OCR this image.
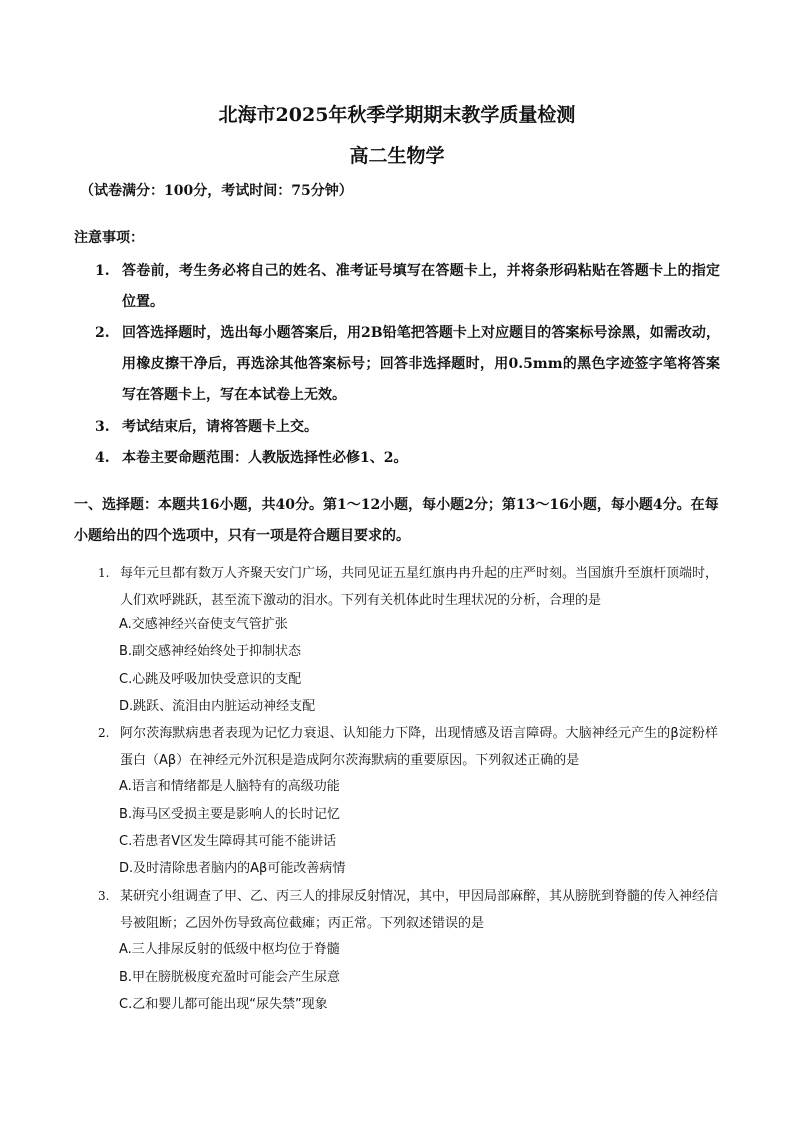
北海市2025年秋季学期期末教学质量检测
高二生物学
（试卷满分：100分，考试时间：75分钟）
注意事项：
1. 答卷前，考生务必将自己的姓名、准考证号填写在答题卡上，并将条形码粘贴在答题卡上的指定位置。
2. 回答选择题时，选出每小题答案后，用2B铅笔把答题卡上对应题目的答案标号涂黑，如需改动，用橡皮擦干净后，再选涂其他答案标号；回答非选择题时，用0.5mm的黑色字迹签字笔将答案写在答题卡上，写在本试卷上无效。
3. 考试结束后，请将答题卡上交。
4. 本卷主要命题范围：人教版选择性必修1、2。
一、选择题：本题共16小题，共40分。第1～12小题，每小题2分；第13～16小题，每小题4分。在每小题给出的四个选项中，只有一项是符合题目要求的。
1. 每年元旦都有数万人齐聚天安门广场，共同见证五星红旗冉冉升起的庄严时刻。当国旗升至旗杆顶端时，人们欢呼跳跃，甚至流下激动的泪水。下列有关机体此时生理状况的分析，合理的是
A.交感神经兴奋使支气管扩张
B.副交感神经始终处于抑制状态
C.心跳及呼吸加快受意识的支配
D.跳跃、流泪由内脏运动神经支配
2. 阿尔茨海默病患者表现为记忆力衰退、认知能力下降，出现情感及语言障碍。大脑神经元产生的β淀粉样蛋白（Aβ）在神经元外沉积是造成阿尔茨海默病的重要原因。下列叙述正确的是
A.语言和情绪都是人脑特有的高级功能
B.海马区受损主要是影响人的长时记忆
C.若患者V区发生障碍其可能不能讲话
D.及时清除患者脑内的Aβ可能改善病情
3. 某研究小组调查了甲、乙、丙三人的排尿反射情况，其中，甲因局部麻醉，其从膀胱到脊髓的传入神经信号被阻断；乙因外伤导致高位截瘫；丙正常。下列叙述错误的是
A.三人排尿反射的低级中枢均位于脊髓
B.甲在膀胱极度充盈时可能会产生尿意
C.乙和婴儿都可能出现“尿失禁”现象
